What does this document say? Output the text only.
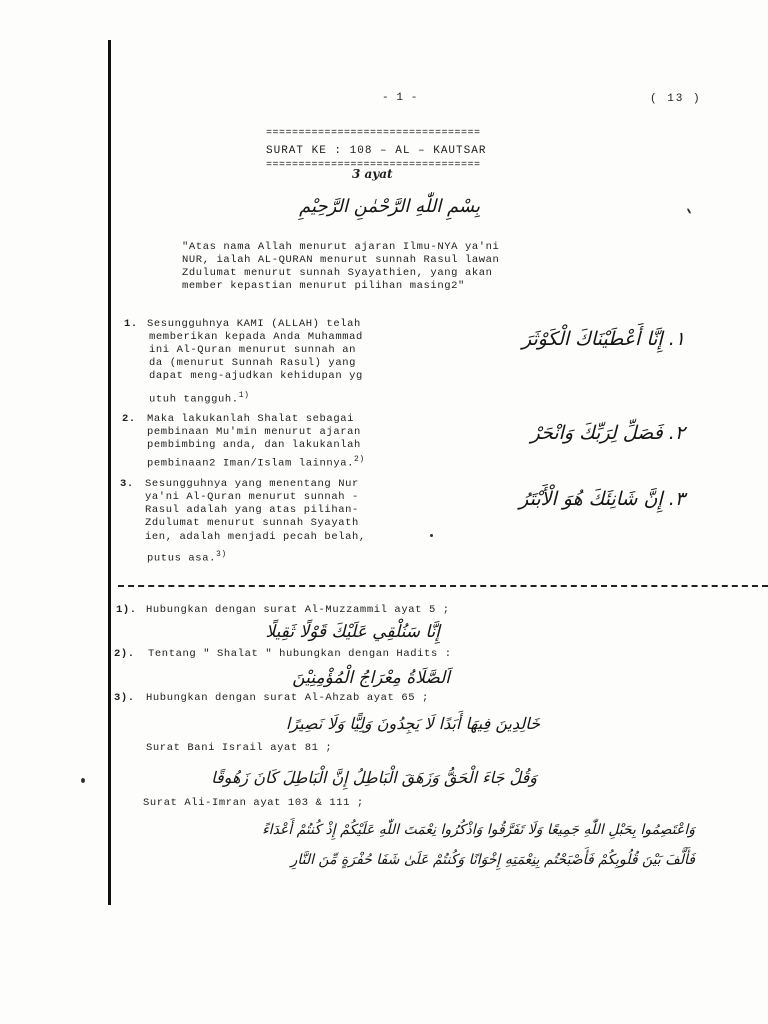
- 1 -	( 13 )
=================================
SURAT KE : 108 – AL – KAUTSAR
=================================
3 ayat
بِسْمِ اللّٰهِ الرَّحْمٰنِ الرَّحِيْمِ
"Atas nama Allah menurut ajaran Ilmu-NYA ya'ni
NUR, ialah AL-QURAN menurut sunnah Rasul lawan
Zdulumat menurut sunnah Syayathien, yang akan
member kepastian menurut pilihan masing2"
1. Sesungguhnya KAMI (ALLAH) telah
memberikan kepada Anda Muhammad
ini Al-Quran menurut sunnah an
da (menurut Sunnah Rasul) yang
dapat meng-ajudkan kehidupan yg
utuh tangguh.$^{1)}$
١. إِنَّا أَعْطَيْنَاكَ الْكَوْثَرَ
2. Maka lakukanlah Shalat sebagai
pembinaan Mu'min menurut ajaran
pembimbing anda, dan lakukanlah
pembinaan2 Iman/Islam lainnya.$^{2)}$
٢. فَصَلِّ لِرَبِّكَ وَانْحَرْ
3. Sesungguhnya yang menentang Nur
ya'ni Al-Quran menurut sunnah -
Rasul adalah yang atas pilihan-
Zdulumat menurut sunnah Syayath
ien, adalah menjadi pecah belah,
putus asa.$^{3)}$
٣. إِنَّ شَانِئَكَ هُوَ الْأَبْتَرُ
1). Hubungkan dengan surat Al-Muzzammil ayat 5 ;
إِنَّا سَنُلْقِي عَلَيْكَ قَوْلًا ثَقِيلًا
2). Tentang " Shalat " hubungkan dengan Hadits :
اَلصَّلَاةُ مِعْرَاجُ الْمُؤْمِنِيْنَ
3). Hubungkan dengan surat Al-Ahzab ayat 65 ;
خَالِدِينَ فِيهَا أَبَدًا لَا يَجِدُونَ وَلِيًّا وَلَا نَصِيرًا
Surat Bani Israil ayat 81 ;
وَقُلْ جَاءَ الْحَقُّ وَزَهَقَ الْبَاطِلُ إِنَّ الْبَاطِلَ كَانَ زَهُوقًا
Surat Ali-Imran ayat 103 & 111 ;
وَاعْتَصِمُوا بِحَبْلِ اللّٰهِ جَمِيعًا وَلَا تَفَرَّقُوا وَاذْكُرُوا نِعْمَتَ اللّٰهِ عَلَيْكُمْ إِذْ كُنتُمْ أَعْدَاءً
فَأَلَّفَ بَيْنَ قُلُوبِكُمْ فَأَصْبَحْتُم بِنِعْمَتِهِ إِخْوَانًا وَكُنتُمْ عَلَىٰ شَفَا حُفْرَةٍ مِّنَ النَّارِ
